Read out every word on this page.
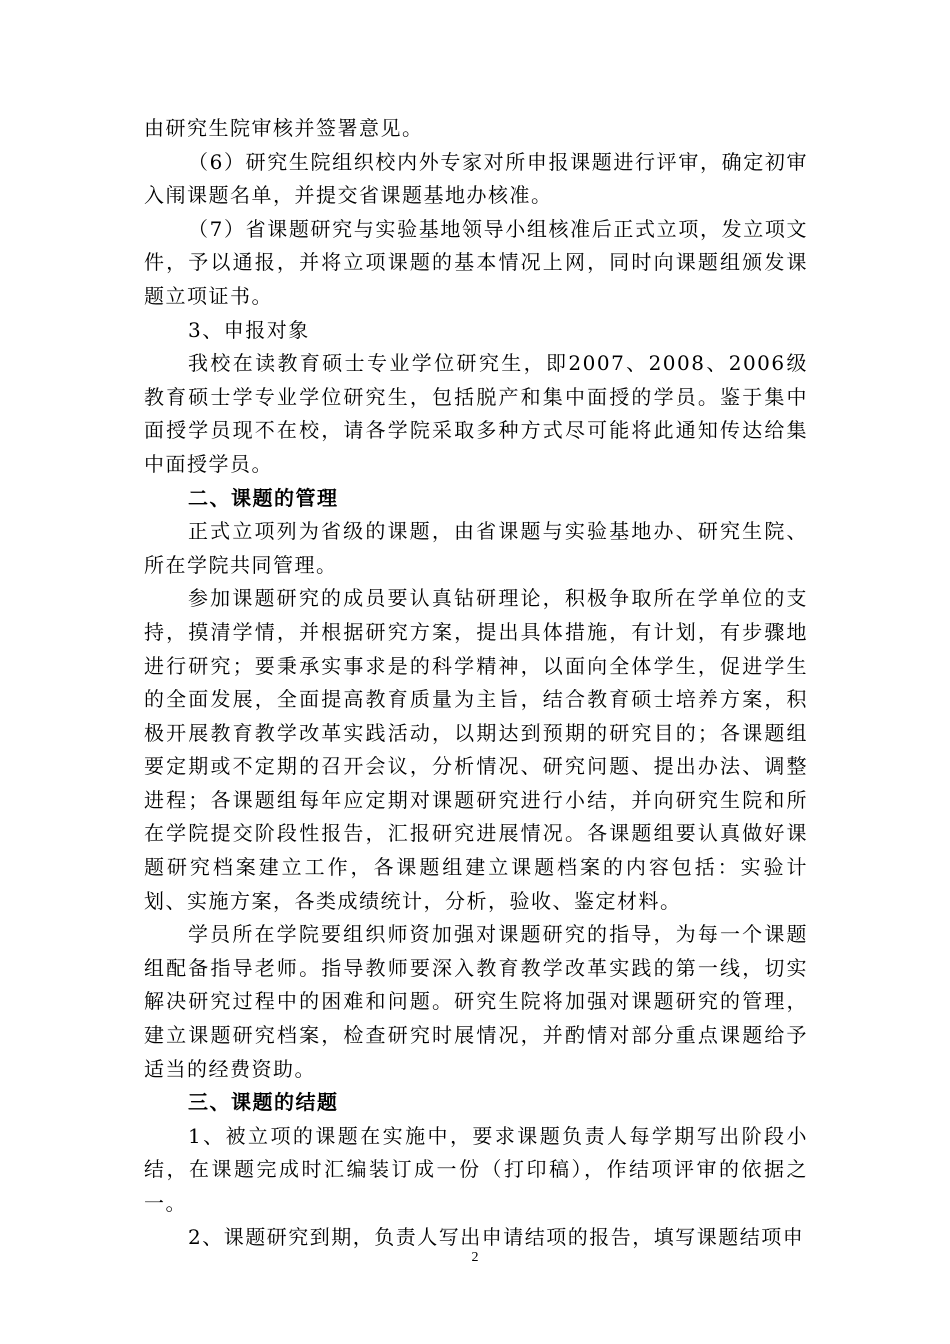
由研究生院审核并签署意见。

（6）研究生院组织校内外专家对所申报课题进行评审，确定初审入闱课题名单，并提交省课题基地办核准。

（7）省课题研究与实验基地领导小组核准后正式立项，发立项文件，予以通报，并将立项课题的基本情况上网，同时向课题组颁发课题立项证书。

3、申报对象

我校在读教育硕士专业学位研究生，即2007、2008、2006级教育硕士学专业学位研究生，包括脱产和集中面授的学员。鉴于集中面授学员现不在校，请各学院采取多种方式尽可能将此通知传达给集中面授学员。

二、课题的管理

正式立项列为省级的课题，由省课题与实验基地办、研究生院、所在学院共同管理。

参加课题研究的成员要认真钻研理论，积极争取所在学单位的支持，摸清学情，并根据研究方案，提出具体措施，有计划，有步骤地进行研究；要秉承实事求是的科学精神，以面向全体学生，促进学生的全面发展，全面提高教育质量为主旨，结合教育硕士培养方案，积极开展教育教学改革实践活动，以期达到预期的研究目的；各课题组要定期或不定期的召开会议，分析情况、研究问题、提出办法、调整进程；各课题组每年应定期对课题研究进行小结，并向研究生院和所在学院提交阶段性报告，汇报研究进展情况。各课题组要认真做好课题研究档案建立工作，各课题组建立课题档案的内容包括：实验计划、实施方案，各类成绩统计，分析，验收、鉴定材料。

学员所在学院要组织师资加强对课题研究的指导，为每一个课题组配备指导老师。指导教师要深入教育教学改革实践的第一线，切实解决研究过程中的困难和问题。研究生院将加强对课题研究的管理，建立课题研究档案，检查研究时展情况，并酌情对部分重点课题给予适当的经费资助。

三、课题的结题

1、被立项的课题在实施中，要求课题负责人每学期写出阶段小结，在课题完成时汇编装订成一份（打印稿），作结项评审的依据之一。

2、课题研究到期，负责人写出申请结项的报告，填写课题结项申

2
